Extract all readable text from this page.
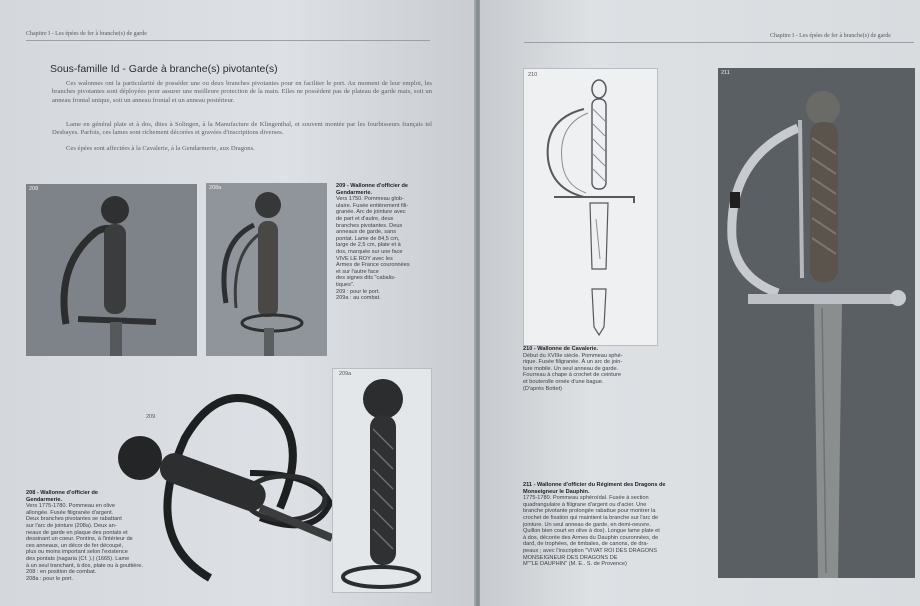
Chapitre I - Les épées de fer à branche(s) de garde
Sous-famille Id - Garde à branche(s) pivotante(s)
Ces walonnes ont la particularité de posséder une ou deux branches pivotantes pour en faciliter le port. Au moment de leur emploi, les branches pivotantes sont déployées pour assurer une meilleure protection de la main. Elles ne possèdent pas de plateau de garde mais, soit un anneau frontal unique, soit un anneau frontal et un anneau postérieur.
Lame en général plate et à dos, dites à Solingen, à la Manufacture de Klingenthal, et souvent montée par les fourbisseurs français tel Desbayes. Parfois, ces lames sont richement décorées et gravées d'inscriptions diverses.
Ces épées sont affectées à la Cavalerie, à la Gendarmerie, aux Dragons.
208	208a	209 - Wallonne d'officier de
Gendarmerie.
Vers 1750. Pommeau glob-
ulaire. Fusée entièrement fili-
granée. Arc de jointure avec
de part et d'autre, deux
branches pivotantes. Deux
anneaux de garde, sans
pontat. Lame de 84,5 cm,
large de 2,5 cm, plate et à
dos, marquée sur une face
VIVE LE ROY avec les
Armes de France couronnées
et sur l'autre face
des signes dits "cabalis-
tiques".
209 : pour le port.
209a : au combat.
209
208 - Wallonne d'officier de
Gendarmerie.
Vers 1775-1780. Pommeau en olive
allongée. Fusée filigranée d'argent.
Deux branches pivotantes se rabattant
sur l'arc de jointure (208a). Deux an-
neaux de garde en plaque des pontats et
dessinant un coeur. Pontins, à l'intérieur de
ces anneaux, un décor de fer découpé,
plus ou moins important selon l'existence
des pontats (nagaria (Cf. ).) (1665). Lame
à un seul tranchant, à dos, plate ou à gouttière.
208 : en position de combat.
208a : pour le port.
209a
Chapitre I - Les épées de fer à branche(s) de garde
210
210 - Wallonne de Cavalerie.
Début du XVIIIe siècle. Pommeau sphé-
rique. Fusée filigranée. À un arc de join-
ture mobile. Un seul anneau de garde.
Fourreau à chape à crochet de ceinture
et bouterolle ornée d'une bague.
(D'après Bottet)
211
211 - Wallonne d'officier du Régiment des Dragons de
Monseigneur le Dauphin.
1775-1780. Pommeau sphéroïdal. Fusée à section
quadrangulaire à filigrane d'argent ou d'acier. Une
branche pivotante prolongée rabattue pour montrer la
crochet de fixation qui maintient la branche sur l'arc de
jointure. Un seul anneau de garde, en demi-oeuvre.
Quillon bien court en olive à dos). Longue lame plate et
à dos, décorée des Armes du Dauphin couronnées, de
dard, de trophées, de timbales, de canons, de dra-
peaux ; avec l'inscription "VIVAT ROI DES DRAGONS
MONSEIGNEUR DES DRAGONS DE
M""LE DAUPHIN" (M. E.. S. de Provence)
